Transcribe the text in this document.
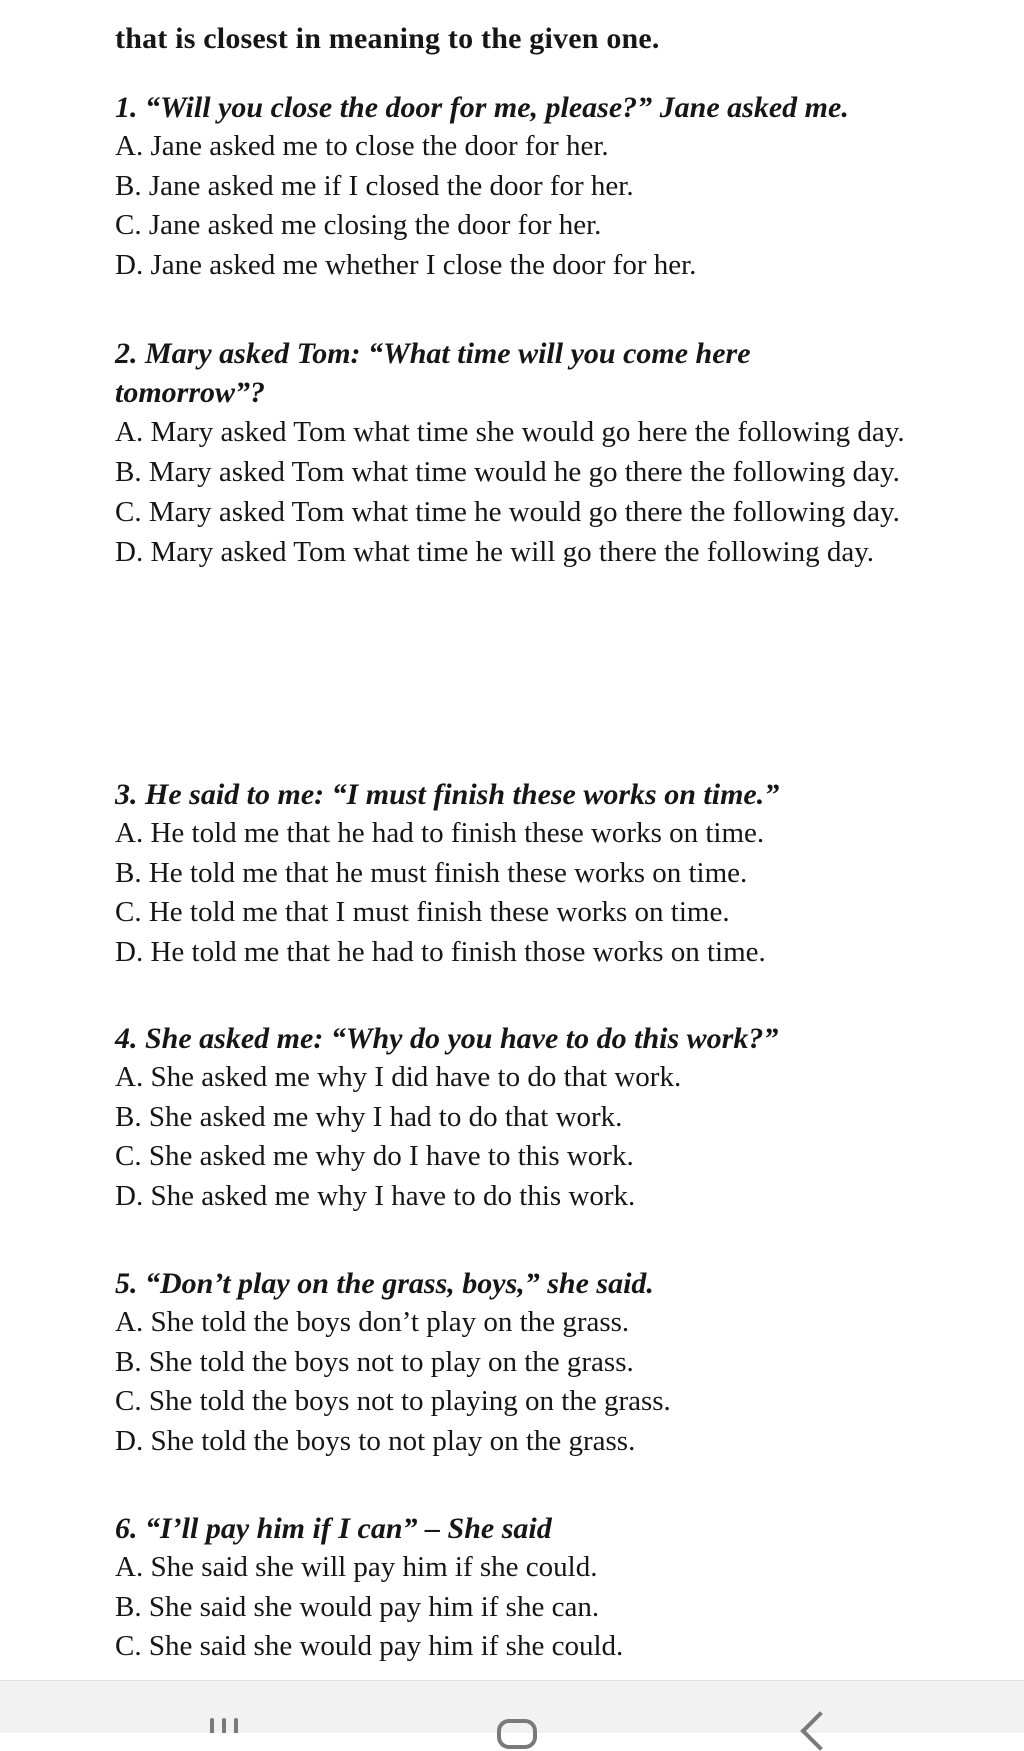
that is closest in meaning to the given one.

1. “Will you close the door for me, please?” Jane asked me.

A. Jane asked me to close the door for her.

B. Jane asked me if I closed the door for her.

C. Jane asked me closing the door for her.

D. Jane asked me whether I close the door for her.

2. Mary asked Tom: “What time will you come here

tomorrow”?

A. Mary asked Tom what time she would go here the following day.

B. Mary asked Tom what time would he go there the following day.

C. Mary asked Tom what time he would go there the following day.

D. Mary asked Tom what time he will go there the following day.

3. He said to me: “I must finish these works on time.”

A. He told me that he had to finish these works on time.

B. He told me that he must finish these works on time.

C. He told me that I must finish these works on time.

D. He told me that he had to finish those works on time.

4. She asked me: “Why do you have to do this work?”

A. She asked me why I did have to do that work.

B. She asked me why I had to do that work.

C. She asked me why do I have to this work.

D. She asked me why I have to do this work.

5. “Don’t play on the grass, boys,” she said.

A. She told the boys don’t play on the grass.

B. She told the boys not to play on the grass.

C. She told the boys not to playing on the grass.

D. She told the boys to not play on the grass.

6. “I’ll pay him if I can” – She said

A. She said she will pay him if she could.

B. She said she would pay him if she can.

C. She said she would pay him if she could.
